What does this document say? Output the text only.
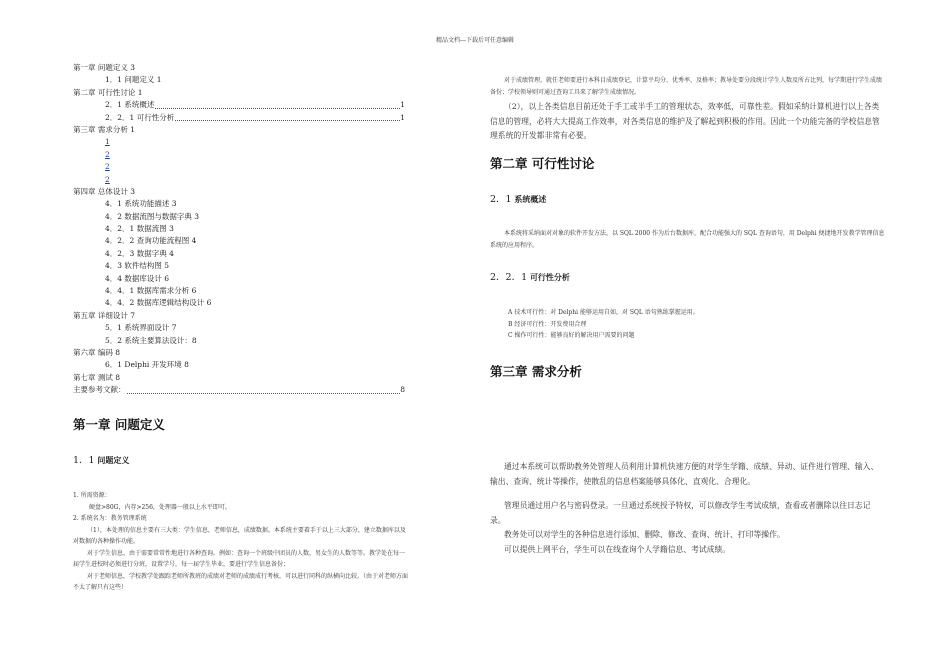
精品文档---下载后可任意编辑
第一章 问题定义 3
1．1 问题定义 1
第二章 可行性讨论 1
2．1 系统概述	1
2．2．1 可行性分析	1
第三章 需求分析 1
1
2
2
2
第四章 总体设计 3
4．1 系统功能描述 3
4．2 数据流图与数据字典 3
4．2．1 数据流图 3
4．2．2 查询功能流程图 4
4．2．3 数据字典 4
4．3 软件结构图 5
4．4 数据库设计 6
4．4．1 数据库需求分析 6
4．4．2 数据库逻辑结构设计 6
第五章 详细设计 7
5．1 系统界面设计 7
5．2 系统主要算法设计：8
第六章 编码 8
6．1 Delphi 开发环境 8
第七章 测试 8
主要参考文献：	8
第一章 问题定义
1．1 问题定义
1. 所需资源：
硬盘>80G，内存>256，处理器一般以上水平即可。
2. 系统名为：教务管理系统
（1），本处理的信息主要有三大类：学生信息，老师信息，成绩数据。本系统主要着手于以上三大部分，建立数据库以及对数据的各种操作功能。
对于学生信息，由于需要常常性地进行各种查询。例如：查询一个班级中团员的人数，男女生的人数等等。教学处在每一届学生进校时必须进行分班，设置学号，每一届学生毕业，要进行学生信息备份；
对于老师信息，学校教学处跟踪老师所教班的成绩对老师的成绩成行考核，可以进行同科的纵横向比较。（由于对老师方面不太了解只有这些）
对于成绩管理，就任老师要进行本科目成绩登记，计算平均分、优秀率、及格率；教导处要分段统计学生人数及所占比列，每学期进行学生成绩备份；学校领导则可通过查询工具来了解学生成绩情况。
（2），以上各类信息目前还处于手工或半手工的管理状态，效率低，可靠性差。假如采纳计算机进行以上各类信息的管理，必将大大提高工作效率，对各类信息的维护及了解起到积极的作用。因此一个功能完备的学校信息管理系统的开发都非常有必要。
第二章 可行性讨论
2．1 系统概述
本系统将采纳面对对象的软件开发方法，以 SQL 2000 作为后台数据库，配合功能强大的 SQL 查询语句，用 Delphi 便捷地开发教学管理信息系统的应用程序。
2．2．1 可行性分析
A 技术可行性：对 Delphi 能够运用自如，对 SQL 语句熟练掌握运用。
B 经济可行性：开发费用合理
C 操作可行性：能够良好的解决用户需要的问题
第三章 需求分析
通过本系统可以帮助教务处管理人员利用计算机快速方便的对学生学籍、成绩、异动、证件进行管理、输入、输出、查询、统计等操作，使散乱的信息档案能够具体化、直观化、合理化。
管理员通过用户名与密码登录。一旦通过系统授予特权，可以修改学生考试成绩，查看或者删除以往日志记录。
教务处可以对学生的各种信息进行添加、删除、修改、查询、统计、打印等操作。
可以提供上网平台，学生可以在线查询个人学籍信息、考试成绩。
